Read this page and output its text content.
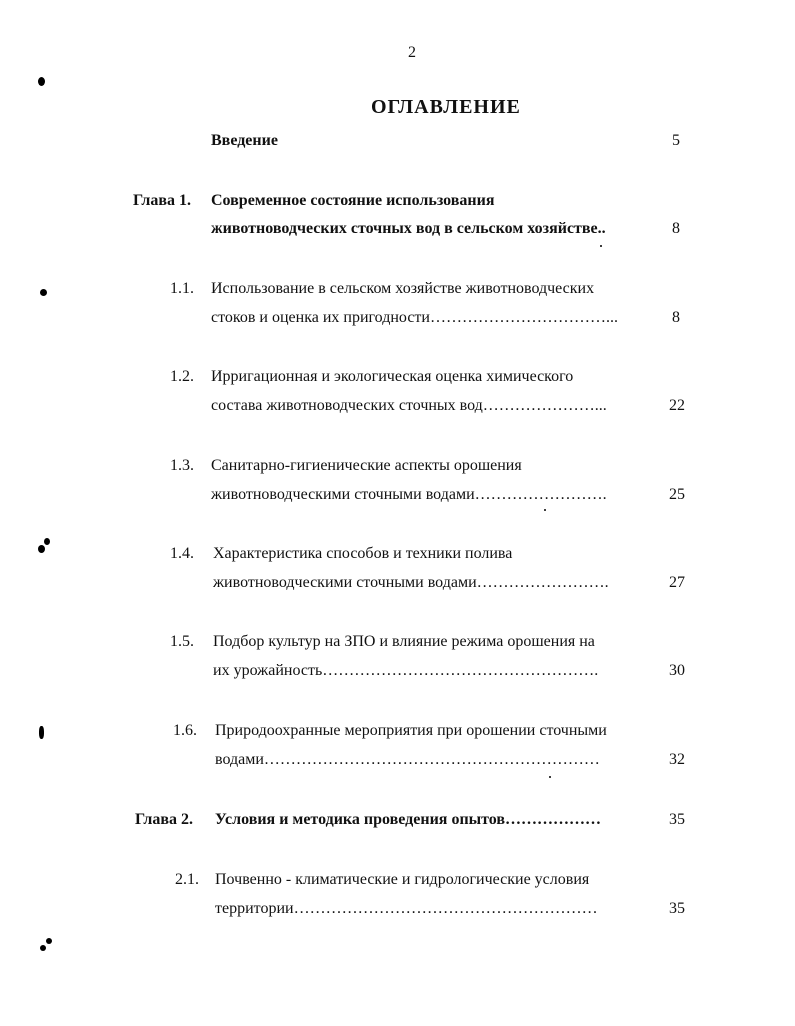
2
ОГЛАВЛЕНИЕ
Введение	5
Глава 1. Современное состояние использования
животноводческих сточных вод в сельском хозяйстве..	8
1.1. Использование в сельском хозяйстве животноводческих
стоков и оценка их пригодности……………………………...	8
1.2. Ирригационная и экологическая оценка химического
состава животноводческих сточных вод…………………...	22
1.3. Санитарно-гигиенические аспекты орошения
животноводческими сточными водами…………………….	25
1.4. Характеристика способов и техники полива
животноводческими сточными водами…………………….	27
1.5. Подбор культур на ЗПО и влияние режима орошения на
их урожайность…………………………………………….	30
1.6. Природоохранные мероприятия при орошении сточными
водами………………………………………………………	32
Глава 2. Условия и методика проведения опытов………………	35
2.1. Почвенно - климатические и гидрологические условия
территории…………………………………………………	35
